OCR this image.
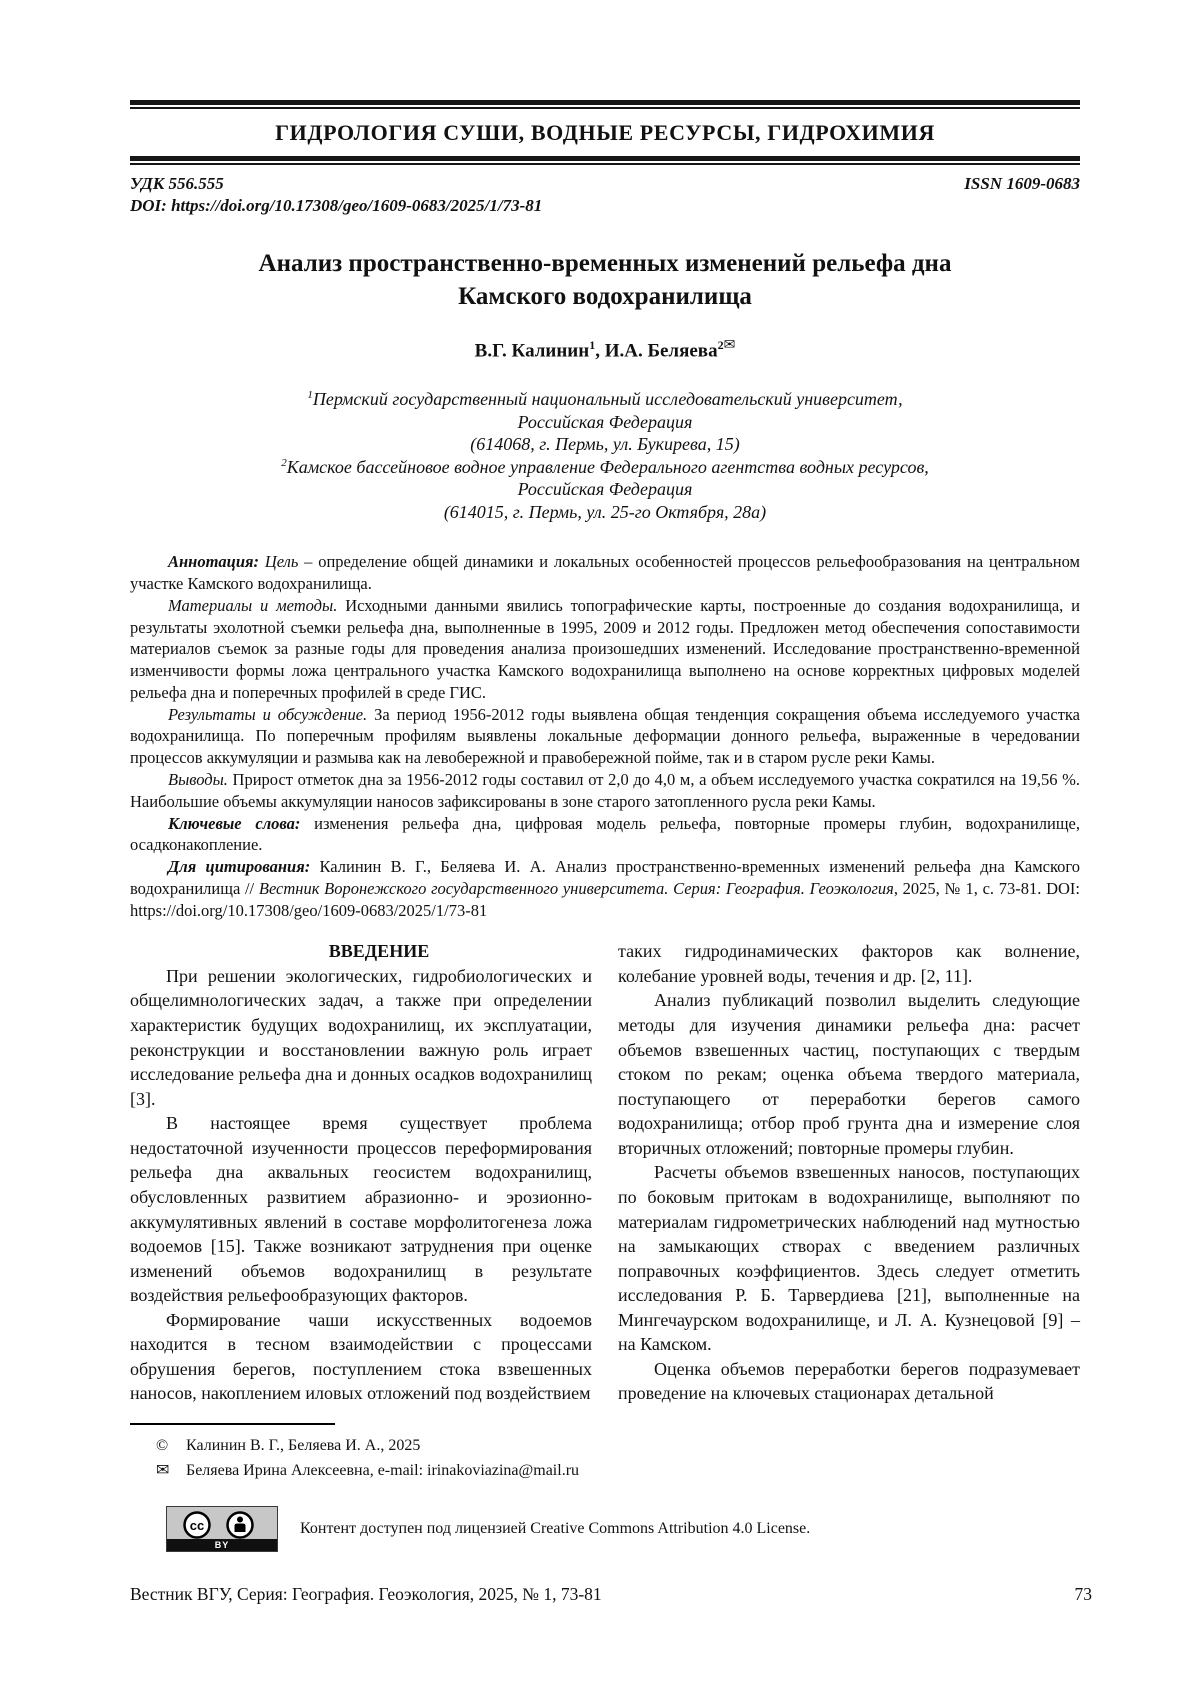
ГИДРОЛОГИЯ СУШИ, ВОДНЫЕ РЕСУРСЫ, ГИДРОХИМИЯ
УДК 556.555	ISSN 1609-0683
DOI: https://doi.org/10.17308/geo/1609-0683/2025/1/73-81
Анализ пространственно-временных изменений рельефа дна Камского водохранилища
В.Г. Калинин$^1$, И.А. Беляева$^{2✉}$
$^1$Пермский государственный национальный исследовательский университет,
Российская Федерация
(614068, г. Пермь, ул. Букирева, 15)
$^2$Камское бассейновое водное управление Федерального агентства водных ресурсов,
Российская Федерация
(614015, г. Пермь, ул. 25-го Октября, 28а)

Аннотация: Цель – определение общей динамики и локальных особенностей процессов рельефообразования на центральном участке Камского водохранилища.

Материалы и методы. Исходными данными явились топографические карты, построенные до создания водохранилища, и результаты эхолотной съемки рельефа дна, выполненные в 1995, 2009 и 2012 годы. Предложен метод обеспечения сопоставимости материалов съемок за разные годы для проведения анализа произошедших изменений. Исследование пространственно-временной изменчивости формы ложа центрального участка Камского водохранилища выполнено на основе корректных цифровых моделей рельефа дна и поперечных профилей в среде ГИС.

Результаты и обсуждение. За период 1956-2012 годы выявлена общая тенденция сокращения объема исследуемого участка водохранилища. По поперечным профилям выявлены локальные деформации донного рельефа, выраженные в чередовании процессов аккумуляции и размыва как на левобережной и правобережной пойме, так и в старом русле реки Камы.

Выводы. Прирост отметок дна за 1956-2012 годы составил от 2,0 до 4,0 м, а объем исследуемого участка сократился на 19,56 %. Наибольшие объемы аккумуляции наносов зафиксированы в зоне старого затопленного русла реки Камы.

Ключевые слова: изменения рельефа дна, цифровая модель рельефа, повторные промеры глубин, водохранилище, осадконакопление.

Для цитирования: Калинин В. Г., Беляева И. А. Анализ пространственно-временных изменений рельефа дна Камского водохранилища // Вестник Воронежского государственного университета. Серия: География. Геоэкология, 2025, № 1, с. 73-81. DOI: https://doi.org/10.17308/geo/1609-0683/2025/1/73-81

ВВЕДЕНИЕ

При решении экологических, гидробиологических и общелимнологических задач, а также при определении характеристик будущих водохранилищ, их эксплуатации, реконструкции и восстановлении важную роль играет исследование рельефа дна и донных осадков водохранилищ [3].

В настоящее время существует проблема недостаточной изученности процессов переформирования рельефа дна аквальных геосистем водохранилищ, обусловленных развитием абразионно- и эрозионно-аккумулятивных явлений в составе морфолитогенеза ложа водоемов [15]. Также возникают затруднения при оценке изменений объемов водохранилищ в результате воздействия рельефообразующих факторов.

Формирование чаши искусственных водоемов находится в тесном взаимодействии с процессами обрушения берегов, поступлением стока взвешенных наносов, накоплением иловых отложений под воздействием

© Калинин В. Г., Беляева И. А., 2025
✉ Беляева Ирина Алексеевна, e-mail: irinakoviazina@mail.ru

таких гидродинамических факторов как волнение, колебание уровней воды, течения и др. [2, 11].

Анализ публикаций позволил выделить следующие методы для изучения динамики рельефа дна: расчет объемов взвешенных частиц, поступающих с твердым стоком по рекам; оценка объема твердого материала, поступающего от переработки берегов самого водохранилища; отбор проб грунта дна и измерение слоя вторичных отложений; повторные промеры глубин.

Расчеты объемов взвешенных наносов, поступающих по боковым притокам в водохранилище, выполняют по материалам гидрометрических наблюдений над мутностью на замыкающих створах с введением различных поправочных коэффициентов. Здесь следует отметить исследования Р. Б. Тарвердиева [21], выполненные на Мингечаурском водохранилище, и Л. А. Кузнецовой [9] – на Камском.

Оценка объемов переработки берегов подразумевает проведение на ключевых стационарах детальной

cc
BY
Контент доступен под лицензией Creative Commons Attribution 4.0 License.
Вестник ВГУ, Серия: География. Геоэкология, 2025, № 1, 73-81	73
